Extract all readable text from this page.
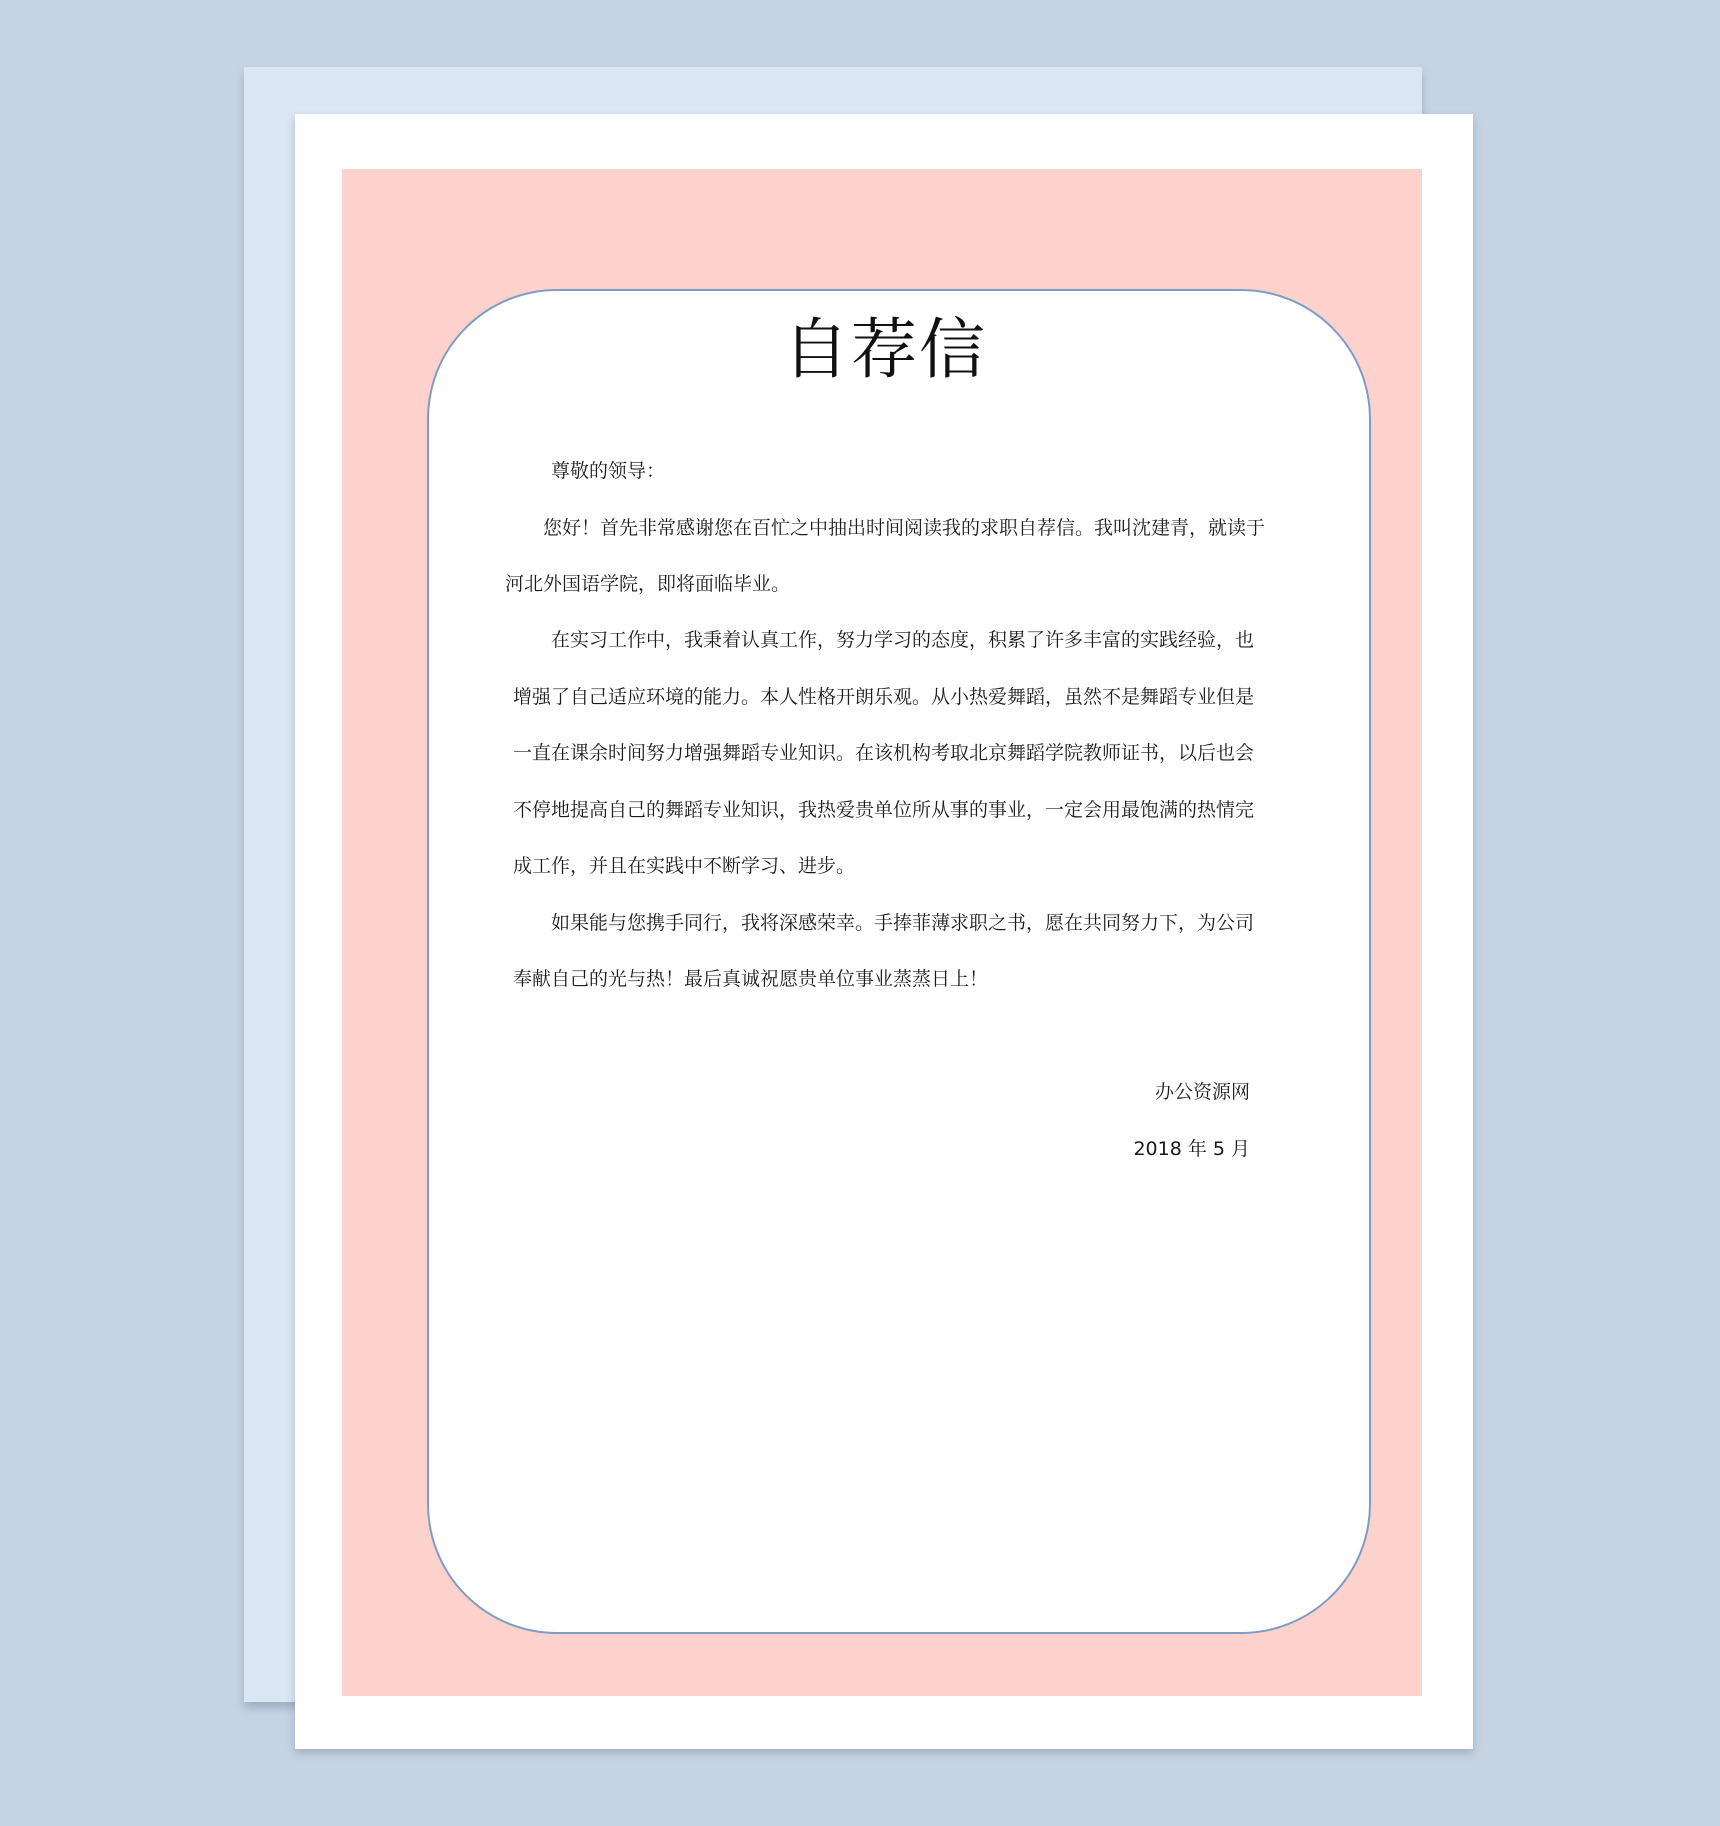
自荐信
尊敬的领导：
您好！首先非常感谢您在百忙之中抽出时间阅读我的求职自荐信。我叫沈建青，就读于
河北外国语学院，即将面临毕业。
在实习工作中，我秉着认真工作，努力学习的态度，积累了许多丰富的实践经验，也
增强了自己适应环境的能力。本人性格开朗乐观。从小热爱舞蹈，虽然不是舞蹈专业但是
一直在课余时间努力增强舞蹈专业知识。在该机构考取北京舞蹈学院教师证书，以后也会
不停地提高自己的舞蹈专业知识，我热爱贵单位所从事的事业，一定会用最饱满的热情完
成工作，并且在实践中不断学习、进步。
如果能与您携手同行，我将深感荣幸。手捧菲薄求职之书，愿在共同努力下，为公司
奉献自己的光与热！最后真诚祝愿贵单位事业蒸蒸日上！
办公资源网
2018 年 5 月
